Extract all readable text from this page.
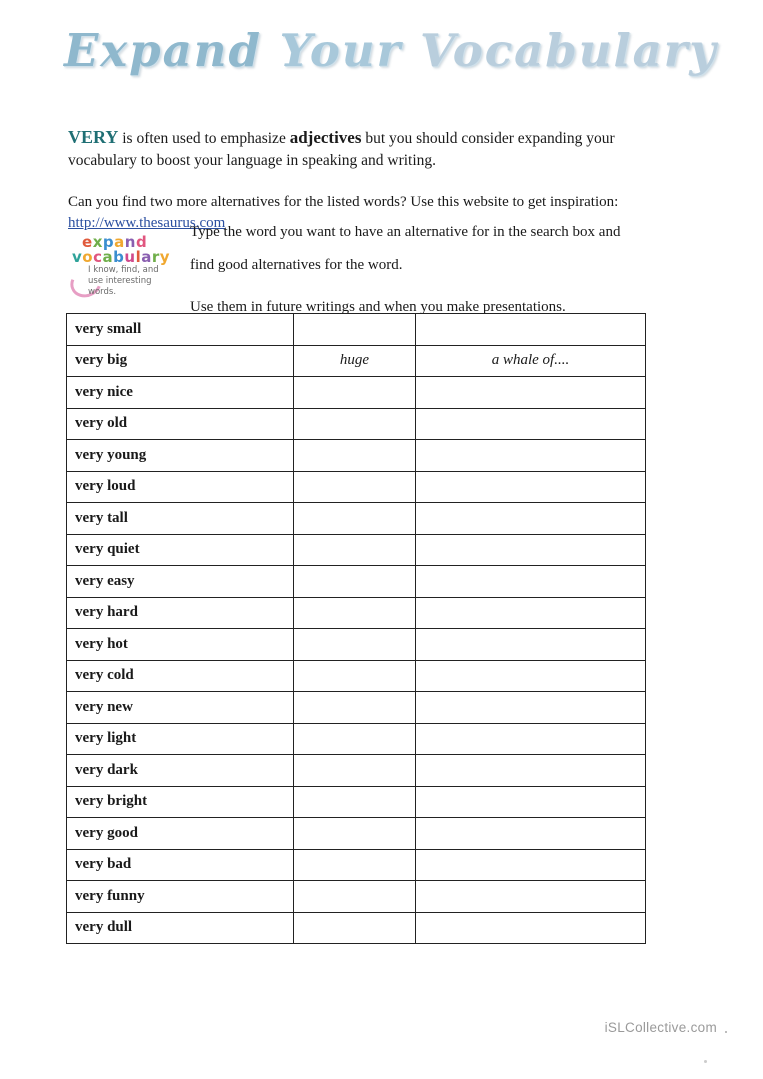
Expand Your Vocabulary
VERY is often used to emphasize adjectives but you should consider expanding your vocabulary to boost your language in speaking and writing.
Can you find two more alternatives for the listed words? Use this website to get inspiration:
http://www.thesaurus.com
Type the word you want to have an alternative for in the search box and
find good alternatives for the word.

Use them in future writings and when you make presentations.
expand
vocabulary
I know, find, and
use interesting
words.
very small		
very big	huge	a whale of....
very nice		
very old		
very young		
very loud		
very tall		
very quiet		
very easy		
very hard		
very hot		
very cold		
very new		
very light		
very dark		
very bright		
very good		
very bad		
very funny		
very dull		
iSLCollective.com
